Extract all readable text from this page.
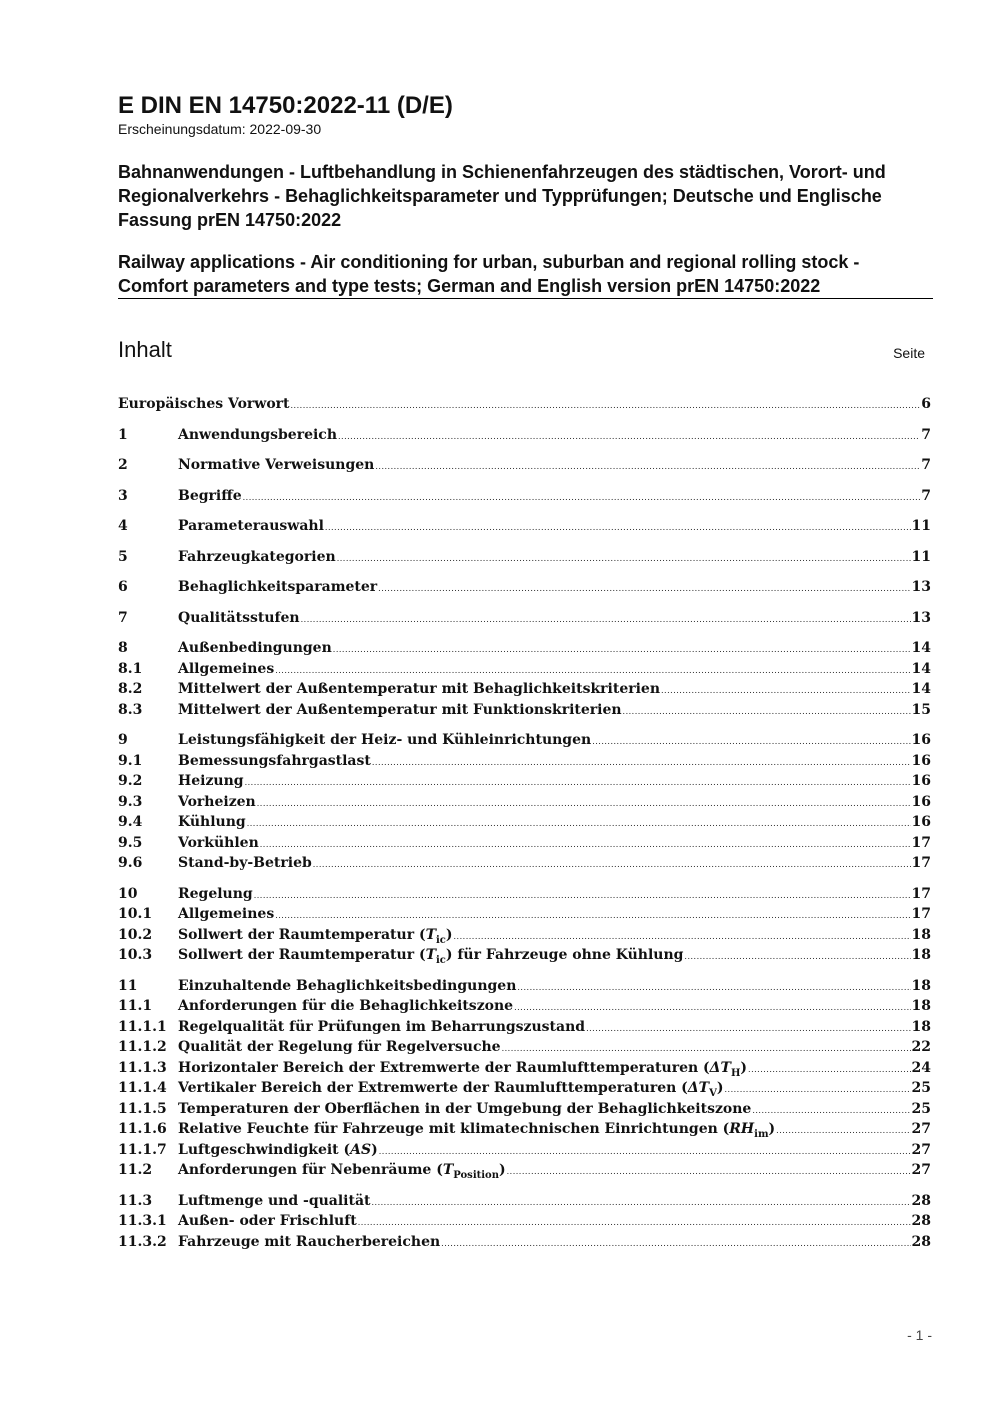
E DIN EN 14750:2022-11 (D/E)

Erscheinungsdatum: 2022-09-30

Bahnanwendungen - Luftbehandlung in Schienenfahrzeugen des städtischen, Vorort- und Regionalverkehrs - Behaglichkeitsparameter und Typprüfungen; Deutsche und Englische Fassung prEN 14750:2022

Railway applications - Air conditioning for urban, suburban and regional rolling stock - Comfort parameters and type tests; German and English version prEN 14750:2022

Inhalt	Seite
Europäisches Vorwort .....	6
1	Anwendungsbereich .....	7
2	Normative Verweisungen .....	7
3	Begriffe .....	7
4	Parameterauswahl .....	11
5	Fahrzeugkategorien .....	11
6	Behaglichkeitsparameter .....	13
7	Qualitätsstufen .....	13
8	Außenbedingungen .....	14
8.1	Allgemeines .....	14
8.2	Mittelwert der Außentemperatur mit Behaglichkeitskriterien .....	14
8.3	Mittelwert der Außentemperatur mit Funktionskriterien .....	15
9	Leistungsfähigkeit der Heiz- und Kühleinrichtungen .....	16
9.1	Bemessungsfahrgastlast .....	16
9.2	Heizung .....	16
9.3	Vorheizen .....	16
9.4	Kühlung .....	16
9.5	Vorkühlen .....	17
9.6	Stand-by-Betrieb .....	17
10	Regelung .....	17
10.1	Allgemeines .....	17
10.2	Sollwert der Raumtemperatur $(T_{ic})$ .....	18
10.3	Sollwert der Raumtemperatur $(T_{ic})$ für Fahrzeuge ohne Kühlung .....	18
11	Einzuhaltende Behaglichkeitsbedingungen .....	18
11.1	Anforderungen für die Behaglichkeitszone .....	18
11.1.1 Regelqualität für Prüfungen im Beharrungszustand .....	18
11.1.2 Qualität der Regelung für Regelversuche .....	22
11.1.3 Horizontaler Bereich der Extremwerte der Raumlufttemperaturen $(\Delta T_H)$ .....	24
11.1.4 Vertikaler Bereich der Extremwerte der Raumlufttemperaturen $(\Delta T_V)$ .....	25
11.1.5 Temperaturen der Oberflächen in der Umgebung der Behaglichkeitszone .....	25
11.1.6 Relative Feuchte für Fahrzeuge mit klimatechnischen Einrichtungen $(RH_{im})$ .....	27
11.1.7 Luftgeschwindigkeit (AS) .....	27
11.2	Anforderungen für Nebenräume $(T_{Position})$ .....	27
11.3	Luftmenge und -qualität .....	28
11.3.1 Außen- oder Frischluft .....	28
11.3.2 Fahrzeuge mit Raucherbereichen .....	28
- 1 -
